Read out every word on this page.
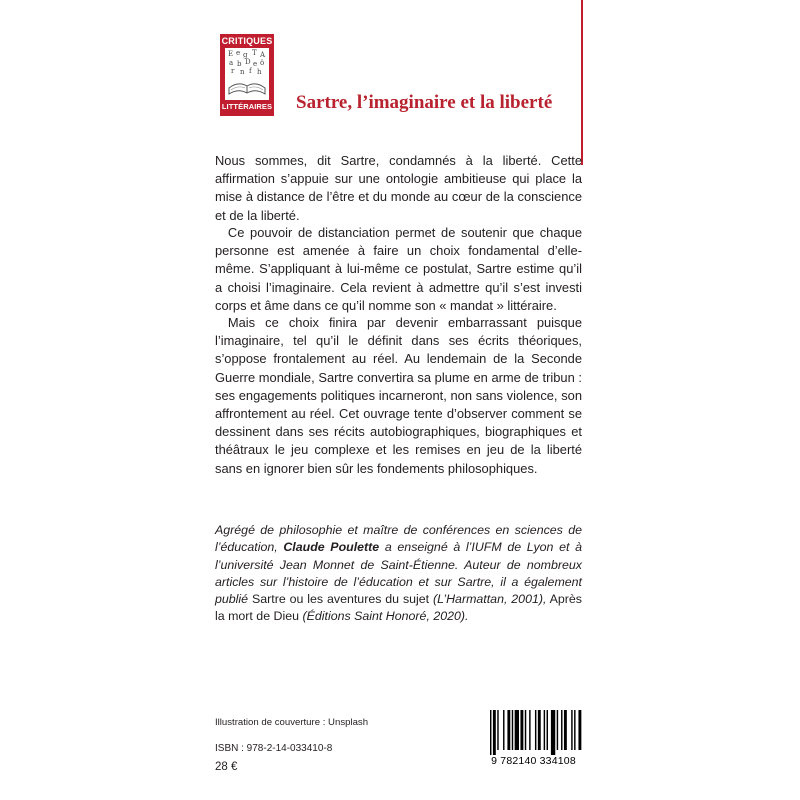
CRITIQUES
E e g T A
a b D e ö
r n f h
LITTÉRAIRES Sartre, l’imaginaire et la liberté

Nous sommes, dit Sartre, condamnés à la liberté. Cette affirmation s’appuie sur une ontologie ambitieuse qui place la mise à distance de l’être et du monde au cœur de la conscience et de la liberté.

Ce pouvoir de distanciation permet de soutenir que chaque personne est amenée à faire un choix fondamental d’elle-même. S’appliquant à lui-même ce postulat, Sartre estime qu’il a choisi l’imaginaire. Cela revient à admettre qu’il s’est investi corps et âme dans ce qu’il nomme son « mandat » littéraire.

Mais ce choix finira par devenir embarrassant puisque l’imaginaire, tel qu’il le définit dans ses écrits théoriques, s’oppose frontalement au réel. Au lendemain de la Seconde Guerre mondiale, Sartre convertira sa plume en arme de tribun : ses engagements politiques incarneront, non sans violence, son affrontement au réel. Cet ouvrage tente d’observer comment se dessinent dans ses récits autobiographiques, biographiques et théâtraux le jeu complexe et les remises en jeu de la liberté sans en ignorer bien sûr les fondements philosophiques.

Agrégé de philosophie et maître de conférences en sciences de l’éducation, Claude Poulette a enseigné à l’IUFM de Lyon et à l’université Jean Monnet de Saint-Étienne. Auteur de nombreux articles sur l’histoire de l’éducation et sur Sartre, il a également publié Sartre ou les aventures du sujet (L’Harmattan, 2001), Après la mort de Dieu (Éditions Saint Honoré, 2020).
Illustration de couverture : Unsplash
ISBN : 978-2-14-033410-8
28 €	9 782140 334108
